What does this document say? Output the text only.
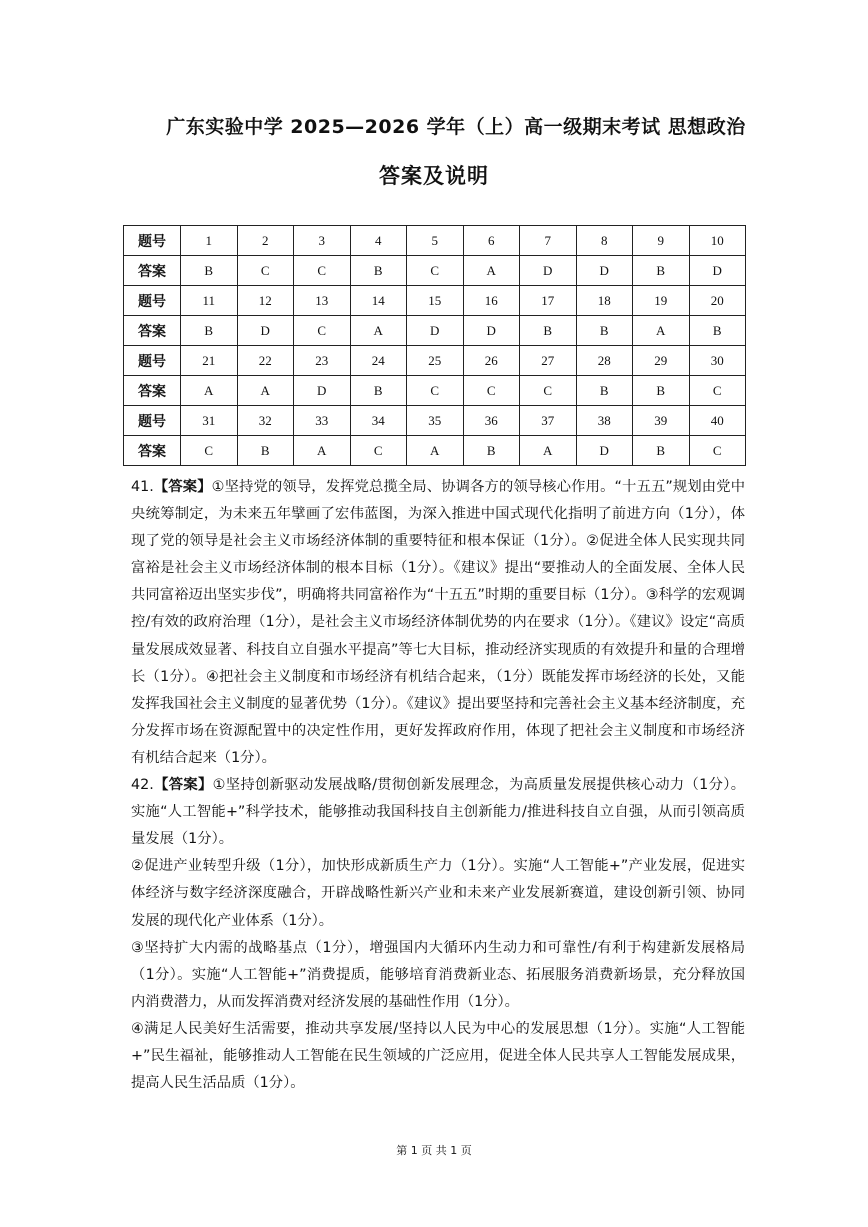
广东实验中学 2025—2026 学年（上）高一级期末考试 思想政治
答案及说明
题号	1	2	3	4	5	6	7	8	9	10
答案	B	C	C	B	C	A	D	D	B	D
题号	11	12	13	14	15	16	17	18	19	20
答案	B	D	C	A	D	D	B	B	A	B
题号	21	22	23	24	25	26	27	28	29	30
答案	A	A	D	B	C	C	C	B	B	C
题号	31	32	33	34	35	36	37	38	39	40
答案	C	B	A	C	A	B	A	D	B	C

41.【答案】①坚持党的领导，发挥党总揽全局、协调各方的领导核心作用。“十五五”规划由党中央统筹制定，为未来五年擘画了宏伟蓝图，为深入推进中国式现代化指明了前进方向（1分），体现了党的领导是社会主义市场经济体制的重要特征和根本保证（1分）。②促进全体人民实现共同富裕是社会主义市场经济体制的根本目标（1分）。《建议》提出“要推动人的全面发展、全体人民共同富裕迈出坚实步伐”，明确将共同富裕作为“十五五”时期的重要目标（1分）。③科学的宏观调控/有效的政府治理（1分），是社会主义市场经济体制优势的内在要求（1分）。《建议》设定“高质量发展成效显著、科技自立自强水平提高”等七大目标，推动经济实现质的有效提升和量的合理增长（1分）。④把社会主义制度和市场经济有机结合起来，（1分）既能发挥市场经济的长处，又能发挥我国社会主义制度的显著优势（1分）。《建议》提出要坚持和完善社会主义基本经济制度，充分发挥市场在资源配置中的决定性作用，更好发挥政府作用，体现了把社会主义制度和市场经济有机结合起来（1分）。

42.【答案】①坚持创新驱动发展战略/贯彻创新发展理念，为高质量发展提供核心动力（1分）。实施“人工智能+”科学技术，能够推动我国科技自主创新能力/推进科技自立自强，从而引领高质量发展（1分）。

②促进产业转型升级（1分），加快形成新质生产力（1分）。实施“人工智能+”产业发展，促进实体经济与数字经济深度融合，开辟战略性新兴产业和未来产业发展新赛道，建设创新引领、协同发展的现代化产业体系（1分）。

③坚持扩大内需的战略基点（1分），增强国内大循环内生动力和可靠性/有利于构建新发展格局（1分）。实施“人工智能+”消费提质，能够培育消费新业态、拓展服务消费新场景，充分释放国内消费潜力，从而发挥消费对经济发展的基础性作用（1分）。

④满足人民美好生活需要，推动共享发展/坚持以人民为中心的发展思想（1分）。实施“人工智能+”民生福祉，能够推动人工智能在民生领域的广泛应用，促进全体人民共享人工智能发展成果，提高人民生活品质（1分）。

第 1 页 共 1 页
